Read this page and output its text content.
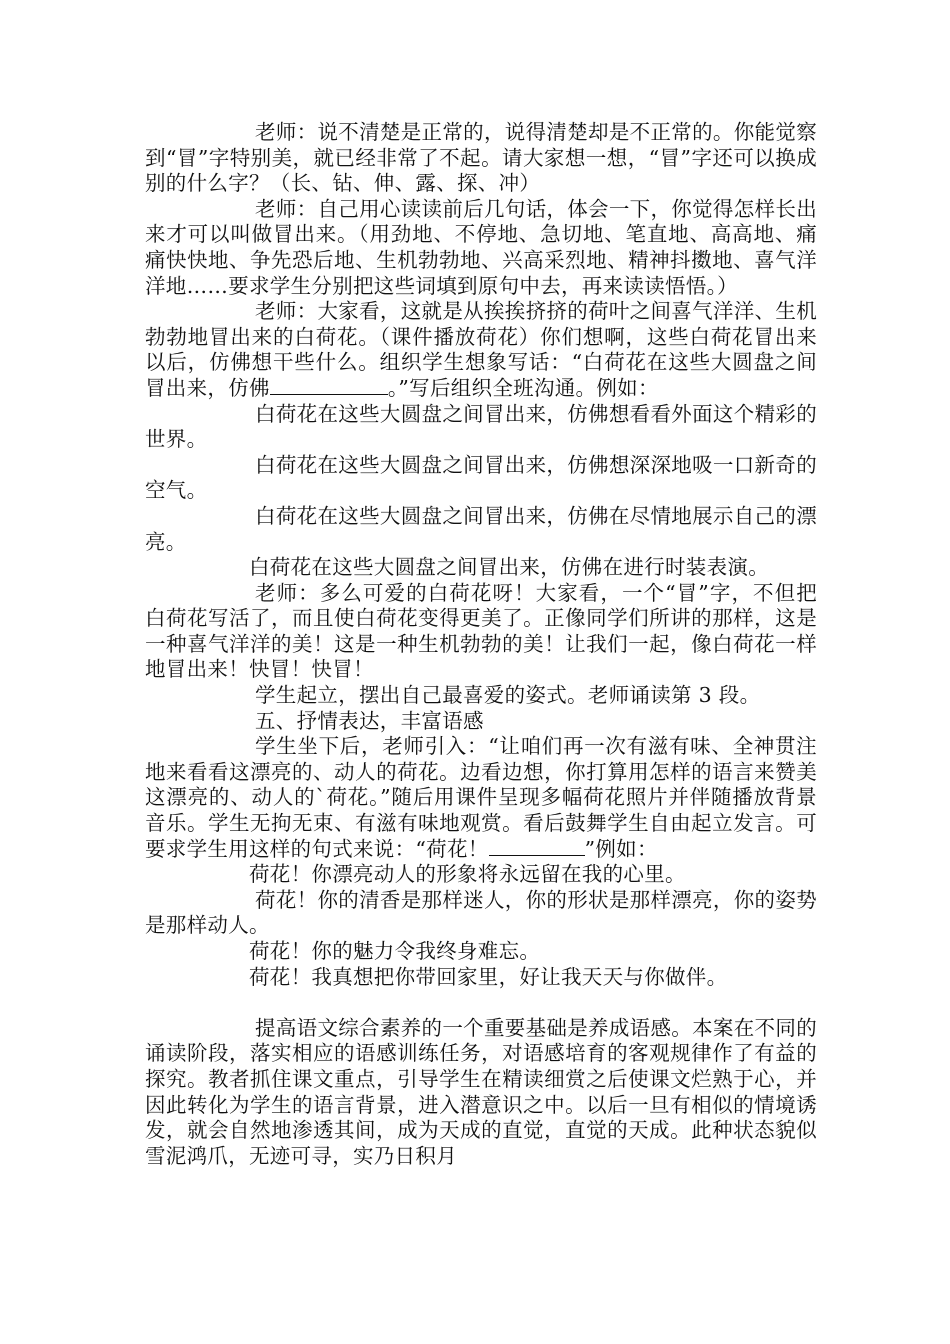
老师：说不清楚是正常的，说得清楚却是不正常的。你能觉察到“冒”字特别美，就已经非常了不起。请大家想一想，“冒”字还可以换成别的什么字？（长、钻、伸、露、探、冲）

老师：自己用心读读前后几句话，体会一下，你觉得怎样长出来才可以叫做冒出来。（用劲地、不停地、急切地、笔直地、高高地、痛痛快快地、争先恐后地、生机勃勃地、兴高采烈地、精神抖擞地、喜气洋洋地……要求学生分别把这些词填到原句中去，再来读读悟悟。）

老师：大家看，这就是从挨挨挤挤的荷叶之间喜气洋洋、生机勃勃地冒出来的白荷花。（课件播放荷花）你们想啊，这些白荷花冒出来以后，仿佛想干些什么。组织学生想象写话：“白荷花在这些大圆盘之间冒出来，仿佛	。”写后组织全班沟通。例如：

白荷花在这些大圆盘之间冒出来，仿佛想看看外面这个精彩的世界。

白荷花在这些大圆盘之间冒出来，仿佛想深深地吸一口新奇的空气。

白荷花在这些大圆盘之间冒出来，仿佛在尽情地展示自己的漂亮。

白荷花在这些大圆盘之间冒出来，仿佛在进行时装表演。

老师：多么可爱的白荷花呀！大家看，一个“冒”字，不但把白荷花写活了，而且使白荷花变得更美了。正像同学们所讲的那样，这是一种喜气洋洋的美！这是一种生机勃勃的美！让我们一起，像白荷花一样地冒出来！快冒！快冒！

学生起立，摆出自己最喜爱的姿式。老师诵读第 3 段。

五、抒情表达，丰富语感

学生坐下后，老师引入：“让咱们再一次有滋有味、全神贯注地来看看这漂亮的、动人的荷花。边看边想，你打算用怎样的语言来赞美这漂亮的、动人的`荷花。”随后用课件呈现多幅荷花照片并伴随播放背景音乐。学生无拘无束、有滋有味地观赏。看后鼓舞学生自由起立发言。可要求学生用这样的句式来说：“荷花！	”例如：

荷花！你漂亮动人的形象将永远留在我的心里。

荷花！你的清香是那样迷人，你的形状是那样漂亮，你的姿势是那样动人。

荷花！你的魅力令我终身难忘。

荷花！我真想把你带回家里，好让我天天与你做伴。

提高语文综合素养的一个重要基础是养成语感。本案在不同的诵读阶段，落实相应的语感训练任务，对语感培育的客观规律作了有益的探究。教者抓住课文重点，引导学生在精读细赏之后使课文烂熟于心，并因此转化为学生的语言背景，进入潜意识之中。以后一旦有相似的情境诱发，就会自然地渗透其间，成为天成的直觉，直觉的天成。此种状态貌似雪泥鸿爪，无迹可寻，实乃日积月
